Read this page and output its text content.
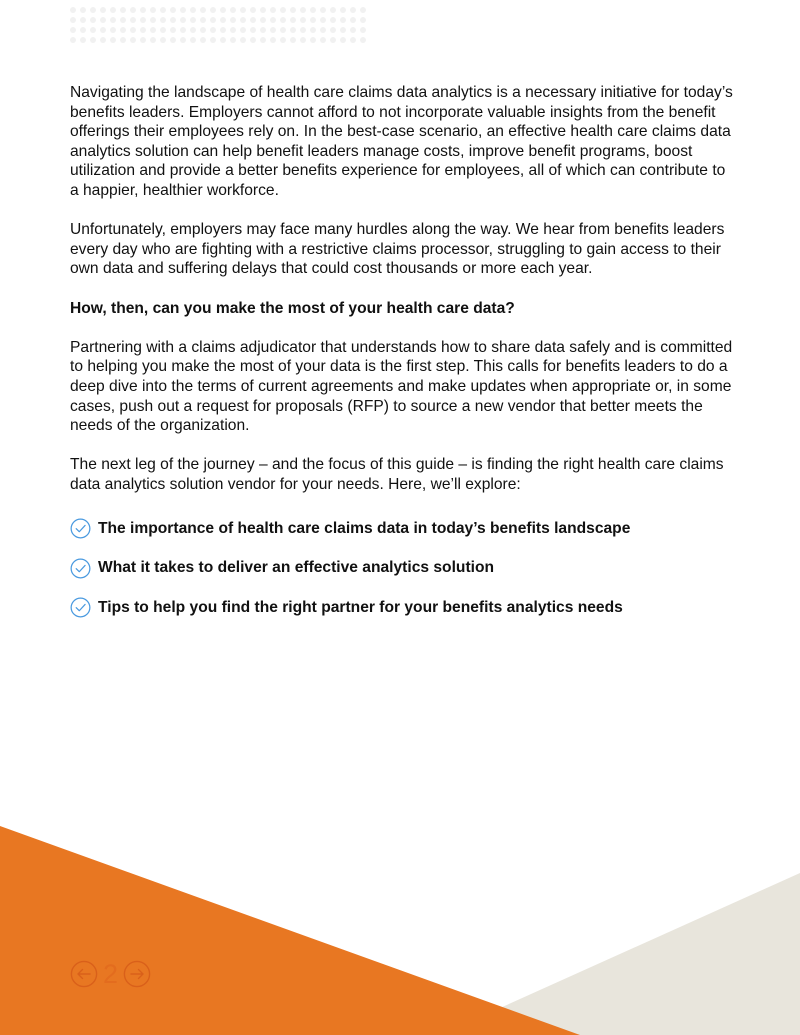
Navigating the landscape of health care claims data analytics is a necessary initiative for today’s benefits leaders. Employers cannot afford to not incorporate valuable insights from the benefit offerings their employees rely on. In the best-case scenario, an effective health care claims data analytics solution can help benefit leaders manage costs, improve benefit programs, boost utilization and provide a better benefits experience for employees, all of which can contribute to a happier, healthier workforce.

Unfortunately, employers may face many hurdles along the way. We hear from benefits leaders every day who are fighting with a restrictive claims processor, struggling to gain access to their own data and suffering delays that could cost thousands or more each year.

How, then, can you make the most of your health care data?

Partnering with a claims adjudicator that understands how to share data safely and is committed to helping you make the most of your data is the first step. This calls for benefits leaders to do a deep dive into the terms of current agreements and make updates when appropriate or, in some cases, push out a request for proposals (RFP) to source a new vendor that better meets the needs of the organization.

The next leg of the journey – and the focus of this guide – is finding the right health care claims data analytics solution vendor for your needs. Here, we’ll explore:

The importance of health care claims data in today’s benefits landscape
What it takes to deliver an effective analytics solution
Tips to help you find the right partner for your benefits analytics needs
2
